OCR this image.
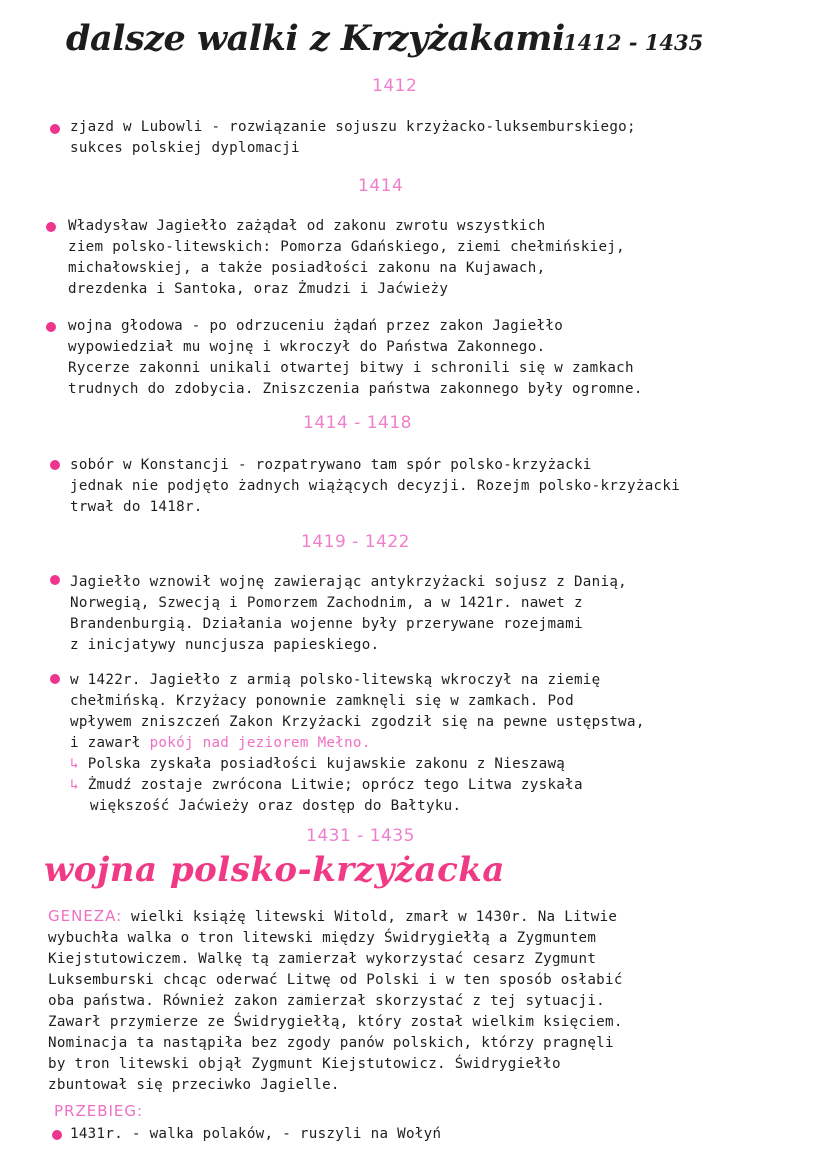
dalsze walki z Krzyżakami
1412 - 1435
1412
zjazd w Lubowli - rozwiązanie sojuszu krzyżacko-luksemburskiego;
sukces polskiej dyplomacji
1414
Władysław Jagiełło zażądał od zakonu zwrotu wszystkich
ziem polsko-litewskich: Pomorza Gdańskiego, ziemi chełmińskiej,
michałowskiej, a także posiadłości zakonu na Kujawach,
drezdenka i Santoka, oraz Żmudzi i Jaćwieży
wojna głodowa - po odrzuceniu żądań przez zakon Jagiełło
wypowiedział mu wojnę i wkroczył do Państwa Zakonnego.
Rycerze zakonni unikali otwartej bitwy i schronili się w zamkach
trudnych do zdobycia. Zniszczenia państwa zakonnego były ogromne.
1414 - 1418
sobór w Konstancji - rozpatrywano tam spór polsko-krzyżacki
jednak nie podjęto żadnych wiążących decyzji. Rozejm polsko-krzyżacki
trwał do 1418r.
1419 - 1422
Jagiełło wznowił wojnę zawierając antykrzyżacki sojusz z Danią,
Norwegią, Szwecją i Pomorzem Zachodnim, a w 1421r. nawet z
Brandenburgią. Działania wojenne były przerywane rozejmami
z inicjatywy nuncjusza papieskiego.
w 1422r. Jagiełło z armią polsko-litewską wkroczył na ziemię
chełmińską. Krzyżacy ponownie zamknęli się w zamkach. Pod
wpływem zniszczeń Zakon Krzyżacki zgodził się na pewne ustępstwa,
i zawarł pokój nad jeziorem Mełno.
↳ Polska zyskała posiadłości kujawskie zakonu z Nieszawą
↳ Żmudź zostaje zwrócona Litwie; oprócz tego Litwa zyskała
większość Jaćwieży oraz dostęp do Bałtyku.
1431 - 1435
wojna polsko-krzyżacka
GENEZA: wielki książę litewski Witold, zmarł w 1430r. Na Litwie
wybuchła walka o tron litewski między Świdrygiełłą a Zygmuntem
Kiejstutowiczem. Walkę tą zamierzał wykorzystać cesarz Zygmunt
Luksemburski chcąc oderwać Litwę od Polski i w ten sposób osłabić
oba państwa. Również zakon zamierzał skorzystać z tej sytuacji.
Zawarł przymierze ze Świdrygiełłą, który został wielkim księciem.
Nominacja ta nastąpiła bez zgody panów polskich, którzy pragnęli
by tron litewski objął Zygmunt Kiejstutowicz. Świdrygiełło
zbuntował się przeciwko Jagielle.
PRZEBIEG:
1431r. - walka polaków, - ruszyli na Wołyń
